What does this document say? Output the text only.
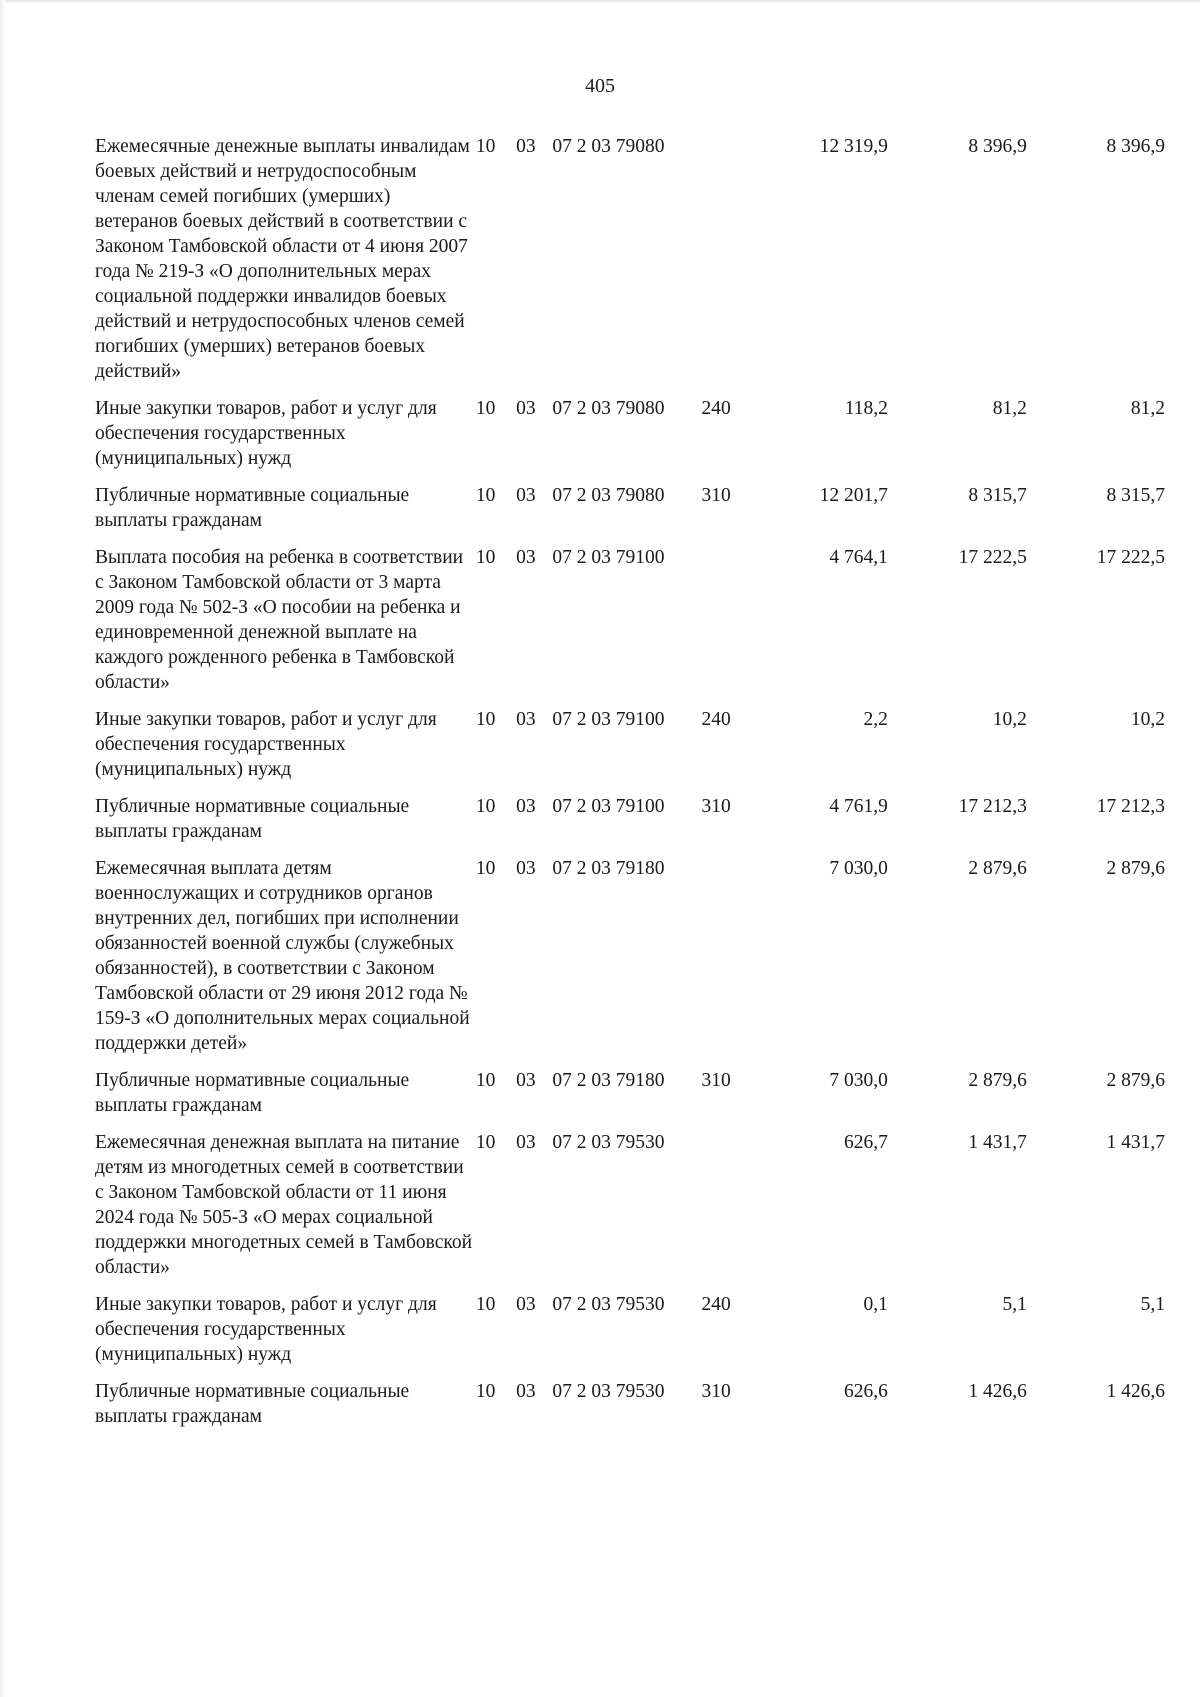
405
Ежемесячные денежные выплаты инвалидам боевых действий и нетрудоспособным членам семей погибших (умерших) ветеранов боевых действий в соответствии с Законом Тамбовской области от 4 июня 2007 года № 219-З «О дополнительных мерах социальной поддержки инвалидов боевых действий и нетрудоспособных членов семей погибших (умерших) ветеранов боевых действий»	10	03	07 2 03 79080		12 319,9	8 396,9	8 396,9
Иные закупки товаров, работ и услуг для обеспечения государственных (муниципальных) нужд	10	03	07 2 03 79080	240	118,2	81,2	81,2
Публичные нормативные социальные выплаты гражданам	10	03	07 2 03 79080	310	12 201,7	8 315,7	8 315,7
Выплата пособия на ребенка в соответствии с Законом Тамбовской области от 3 марта 2009 года № 502-З «О пособии на ребенка и единовременной денежной выплате на каждого рожденного ребенка в Тамбовской области»	10	03	07 2 03 79100		4 764,1	17 222,5	17 222,5
Иные закупки товаров, работ и услуг для обеспечения государственных (муниципальных) нужд	10	03	07 2 03 79100	240	2,2	10,2	10,2
Публичные нормативные социальные выплаты гражданам	10	03	07 2 03 79100	310	4 761,9	17 212,3	17 212,3
Ежемесячная выплата детям военнослужащих и сотрудников органов внутренних дел, погибших при исполнении обязанностей военной службы (служебных обязанностей), в соответствии с Законом Тамбовской области от 29 июня 2012 года № 159-З «О дополнительных мерах социальной поддержки детей»	10	03	07 2 03 79180		7 030,0	2 879,6	2 879,6
Публичные нормативные социальные выплаты гражданам	10	03	07 2 03 79180	310	7 030,0	2 879,6	2 879,6
Ежемесячная денежная выплата на питание детям из многодетных семей в соответствии с Законом Тамбовской области от 11 июня 2024 года № 505-З «О мерах социальной поддержки многодетных семей в Тамбовской области»	10	03	07 2 03 79530		626,7	1 431,7	1 431,7
Иные закупки товаров, работ и услуг для обеспечения государственных (муниципальных) нужд	10	03	07 2 03 79530	240	0,1	5,1	5,1
Публичные нормативные социальные выплаты гражданам	10	03	07 2 03 79530	310	626,6	1 426,6	1 426,6
